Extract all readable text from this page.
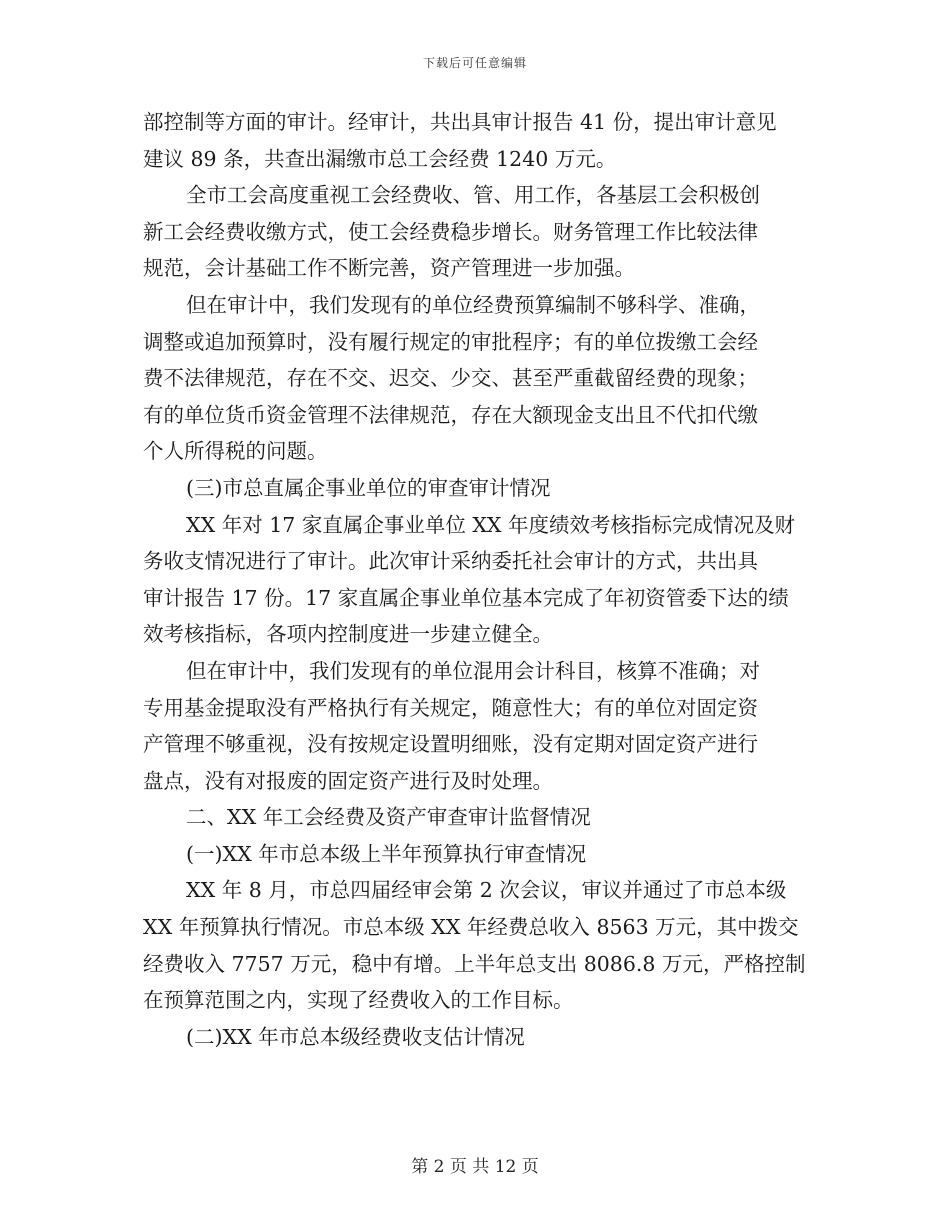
下载后可任意编辑
部控制等方面的审计。经审计，共出具审计报告 41 份，提出审计意见
建议 89 条，共查出漏缴市总工会经费 1240 万元。
全市工会高度重视工会经费收、管、用工作，各基层工会积极创
新工会经费收缴方式，使工会经费稳步增长。财务管理工作比较法律
规范，会计基础工作不断完善，资产管理进一步加强。
但在审计中，我们发现有的单位经费预算编制不够科学、准确，
调整或追加预算时，没有履行规定的审批程序；有的单位拨缴工会经
费不法律规范，存在不交、迟交、少交、甚至严重截留经费的现象；
有的单位货币资金管理不法律规范，存在大额现金支出且不代扣代缴
个人所得税的问题。
(三)市总直属企事业单位的审查审计情况
XX 年对 17 家直属企事业单位 XX 年度绩效考核指标完成情况及财
务收支情况进行了审计。此次审计采纳委托社会审计的方式，共出具
审计报告 17 份。17 家直属企事业单位基本完成了年初资管委下达的绩
效考核指标，各项内控制度进一步建立健全。
但在审计中，我们发现有的单位混用会计科目，核算不准确；对
专用基金提取没有严格执行有关规定，随意性大；有的单位对固定资
产管理不够重视，没有按规定设置明细账，没有定期对固定资产进行
盘点，没有对报废的固定资产进行及时处理。
二、XX 年工会经费及资产审查审计监督情况
(一)XX 年市总本级上半年预算执行审查情况
XX 年 8 月，市总四届经审会第 2 次会议，审议并通过了市总本级
XX 年预算执行情况。市总本级 XX 年经费总收入 8563 万元，其中拨交
经费收入 7757 万元，稳中有增。上半年总支出 8086.8 万元，严格控制
在预算范围之内，实现了经费收入的工作目标。
(二)XX 年市总本级经费收支估计情况
第 2 页 共 12 页
